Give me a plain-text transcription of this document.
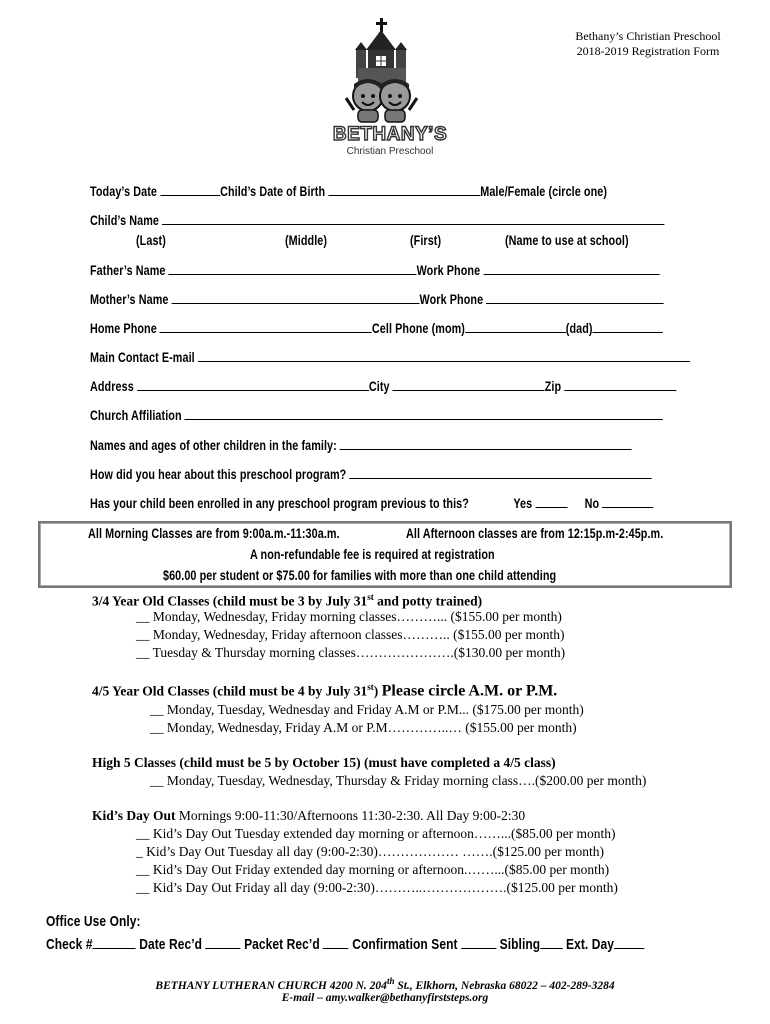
Bethany’s Christian Preschool
2018-2019 Registration Form
BETHANY’S
Christian Preschool
Today’s Date	Child’s Date of Birth	Male/Female (circle one)
Child’s Name
(Last)	(Middle)	(First)	(Name to use at school)
Father’s Name	Work Phone
Mother’s Name	Work Phone
Home Phone	Cell Phone (mom)	(dad)
Main Contact E-mail
Address	City	Zip
Church Affiliation
Names and ages of other children in the family:
How did you hear about this preschool program?
Has your child been enrolled in any preschool program previous to this?	Yes	No
All Morning Classes are from 9:00a.m.-11:30a.m.	All Afternoon classes are from 12:15p.m-2:45p.m.
A non-refundable fee is required at registration
$60.00 per student or $75.00 for families with more than one child attending
3/4 Year Old Classes (child must be 3 by July 31st and potty trained)
__ Monday, Wednesday, Friday morning classes………... ($155.00 per month)
__ Monday, Wednesday, Friday afternoon classes……….. ($155.00 per month)
__ Tuesday & Thursday morning classes………………….($130.00 per month)
4/5 Year Old Classes (child must be 4 by July 31st) Please circle A.M. or P.M.
__ Monday, Tuesday, Wednesday and Friday A.M or P.M... ($175.00 per month)
__ Monday, Wednesday, Friday A.M or P.M…………..… ($155.00 per month)
High 5 Classes (child must be 5 by October 15) (must have completed a 4/5 class)
__ Monday, Tuesday, Wednesday, Thursday & Friday morning class….($200.00 per month)
Kid’s Day Out Mornings 9:00-11:30/Afternoons 11:30-2:30. All Day 9:00-2:30
__ Kid’s Day Out Tuesday extended day morning or afternoon……...($85.00 per month)
_ Kid’s Day Out Tuesday all day (9:00-2:30)……………… …….($125.00 per month)
__ Kid’s Day Out Friday extended day morning or afternoon.……...($85.00 per month)
__ Kid’s Day Out Friday all day (9:00-2:30)………..……………….($125.00 per month)
Office Use Only:
Check #	Date Rec’d	Packet Rec’d Confirmation Sent	Sibling Ext. Day
BETHANY LUTHERAN CHURCH 4200 N. 204th St., Elkhorn, Nebraska 68022 – 402-289-3284
E-mail – amy.walker@bethanyfirststeps.org
